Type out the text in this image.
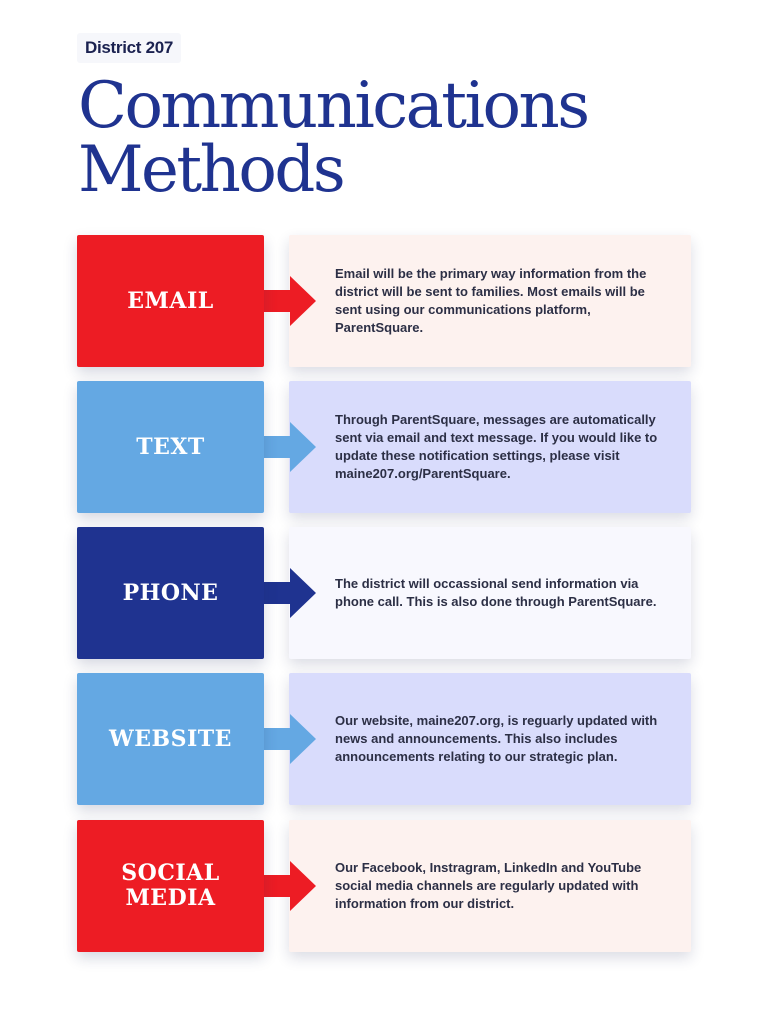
District 207
Communications
Methods
EMAIL
Email will be the primary way information from the district will be sent to families. Most emails will be sent using our communications platform, ParentSquare.
TEXT
Through ParentSquare, messages are automatically sent via email and text message. If you would like to update these notification settings, please visit maine207.org/ParentSquare.
PHONE	The district will occassional send information via phone call. This is also done through ParentSquare.
WEBSITE
Our website, maine207.org, is reguarly updated with news and announcements. This also includes announcements relating to our strategic plan.
SOCIAL
MEDIA
Our Facebook, Instragram, LinkedIn and YouTube social media channels are regularly updated with information from our district.
